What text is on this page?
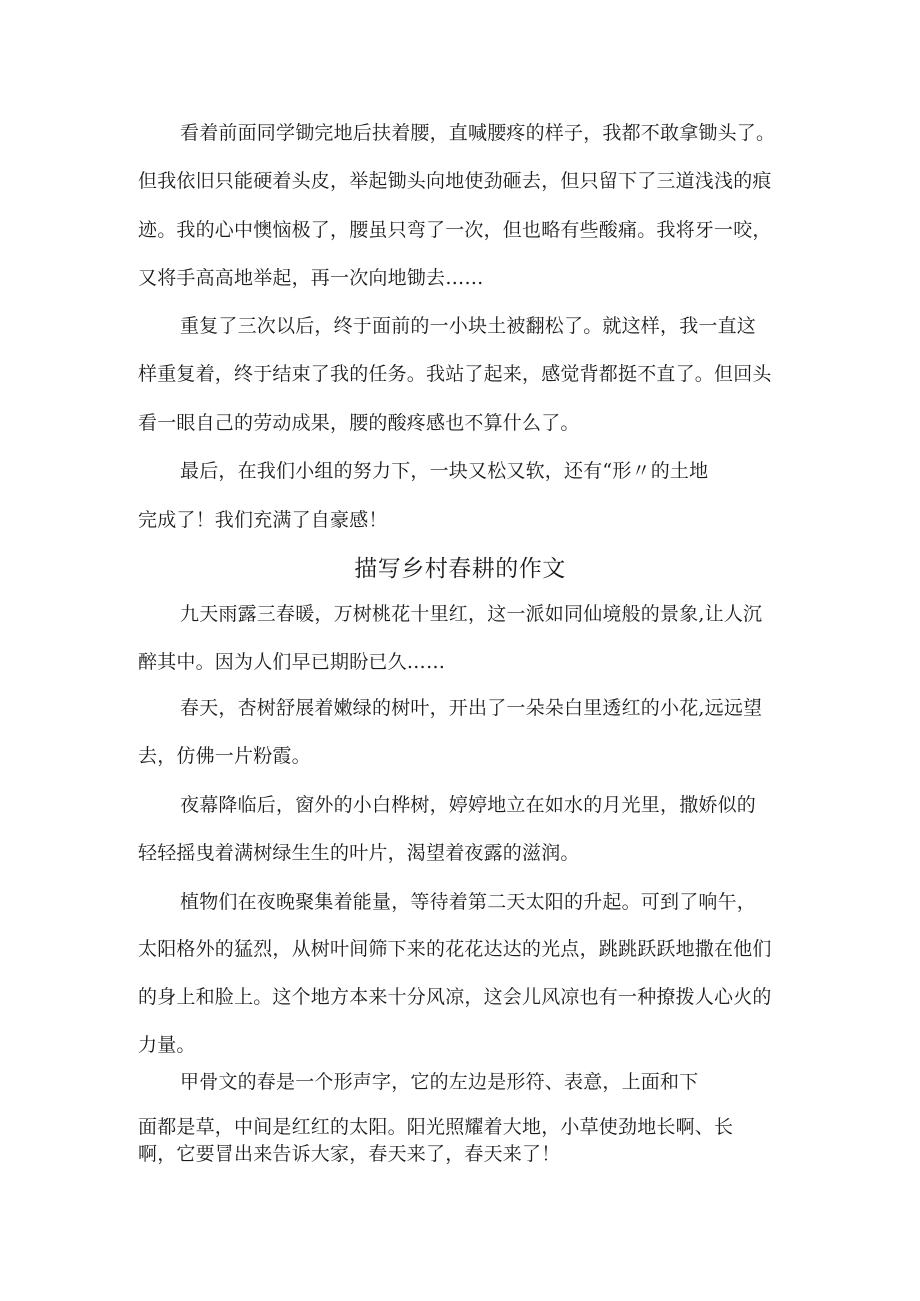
看着前面同学锄完地后扶着腰，直喊腰疼的样子，我都不敢拿锄头了。
但我依旧只能硬着头皮，举起锄头向地使劲砸去，但只留下了三道浅浅的痕
迹。我的心中懊恼极了，腰虽只弯了一次，但也略有些酸痛。我将牙一咬，
又将手高高地举起，再一次向地锄去……
重复了三次以后，终于面前的一小块土被翻松了。就这样，我一直这
样重复着，终于结束了我的任务。我站了起来，感觉背都挺不直了。但回头
看一眼自己的劳动成果，腰的酸疼感也不算什么了。
最后，在我们小组的努力下，一块又松又软，还有“形〃的土地
完成了！我们充满了自豪感！
描写乡村春耕的作文
九天雨露三春暖，万树桃花十里红，这一派如同仙境般的景象,让人沉
醉其中。因为人们早已期盼已久……
春天，杏树舒展着嫩绿的树叶，开出了一朵朵白里透红的小花,远远望
去，仿佛一片粉霞。
夜幕降临后，窗外的小白桦树，婷婷地立在如水的月光里，撒娇似的
轻轻摇曳着满树绿生生的叶片，渴望着夜露的滋润。
植物们在夜晚聚集着能量，等待着第二天太阳的升起。可到了响午，
太阳格外的猛烈，从树叶间筛下来的花花达达的光点，跳跳跃跃地撒在他们
的身上和脸上。这个地方本来十分风凉，这会儿风凉也有一种撩拨人心火的
力量。
甲骨文的春是一个形声字，它的左边是形符、表意，上面和下
面都是草，中间是红红的太阳。阳光照耀着大地，小草使劲地长啊、长
啊，它要冒出来告诉大家，春天来了，春天来了！
